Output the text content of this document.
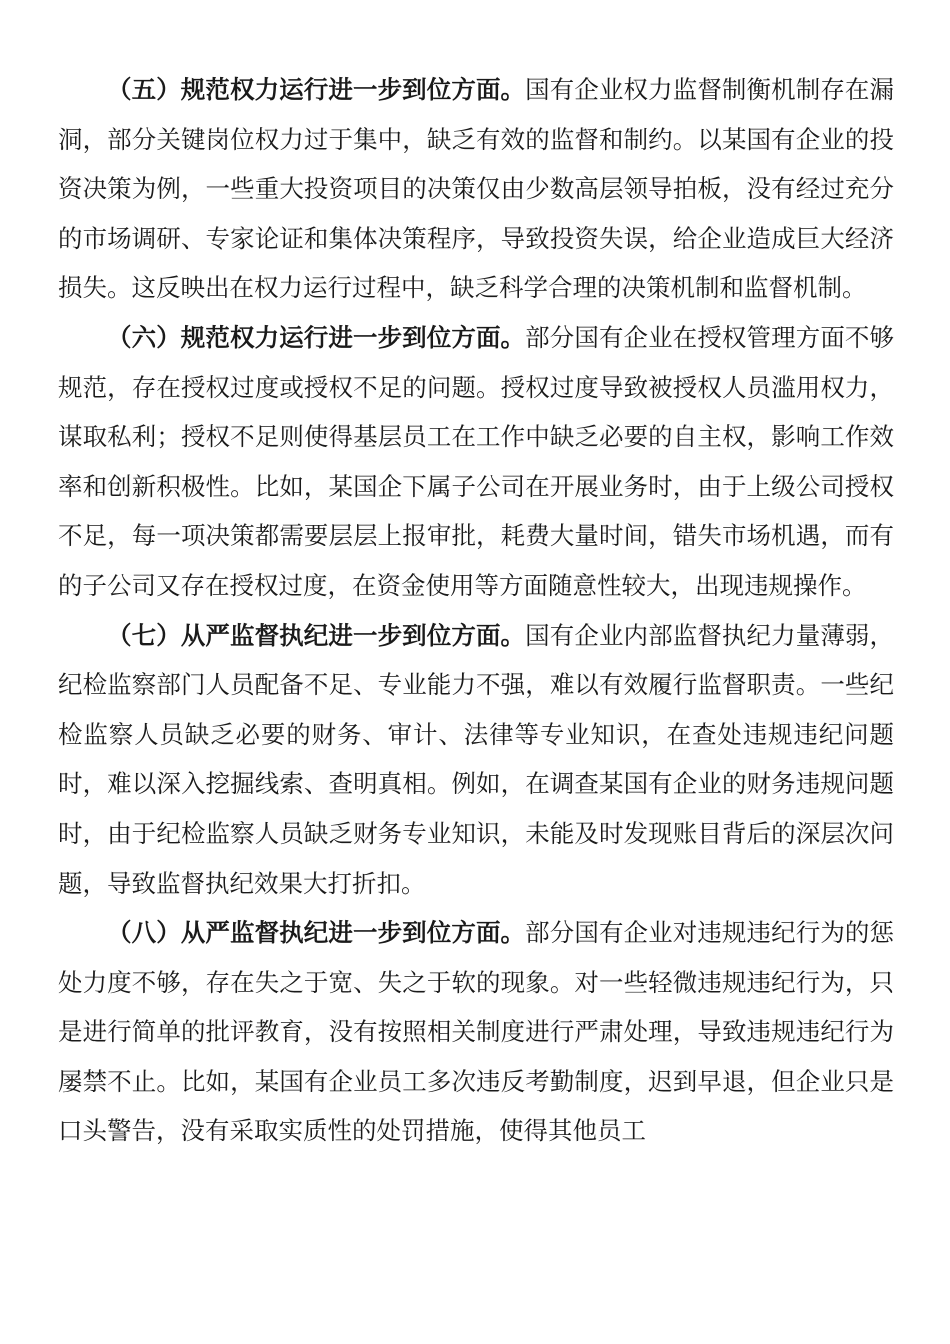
（五）规范权力运行进一步到位方面。国有企业权力监督制衡机制存在漏洞，部分关键岗位权力过于集中，缺乏有效的监督和制约。以某国有企业的投资决策为例，一些重大投资项目的决策仅由少数高层领导拍板，没有经过充分的市场调研、专家论证和集体决策程序，导致投资失误，给企业造成巨大经济损失。这反映出在权力运行过程中，缺乏科学合理的决策机制和监督机制。

（六）规范权力运行进一步到位方面。部分国有企业在授权管理方面不够规范，存在授权过度或授权不足的问题。授权过度导致被授权人员滥用权力，谋取私利；授权不足则使得基层员工在工作中缺乏必要的自主权，影响工作效率和创新积极性。比如，某国企下属子公司在开展业务时，由于上级公司授权不足，每一项决策都需要层层上报审批，耗费大量时间，错失市场机遇，而有的子公司又存在授权过度，在资金使用等方面随意性较大，出现违规操作。

（七）从严监督执纪进一步到位方面。国有企业内部监督执纪力量薄弱，纪检监察部门人员配备不足、专业能力不强，难以有效履行监督职责。一些纪检监察人员缺乏必要的财务、审计、法律等专业知识，在查处违规违纪问题时，难以深入挖掘线索、查明真相。例如，在调查某国有企业的财务违规问题时，由于纪检监察人员缺乏财务专业知识，未能及时发现账目背后的深层次问题，导致监督执纪效果大打折扣。

（八）从严监督执纪进一步到位方面。部分国有企业对违规违纪行为的惩处力度不够，存在失之于宽、失之于软的现象。对一些轻微违规违纪行为，只是进行简单的批评教育，没有按照相关制度进行严肃处理，导致违规违纪行为屡禁不止。比如，某国有企业员工多次违反考勤制度，迟到早退，但企业只是口头警告，没有采取实质性的处罚措施，使得其他员工
